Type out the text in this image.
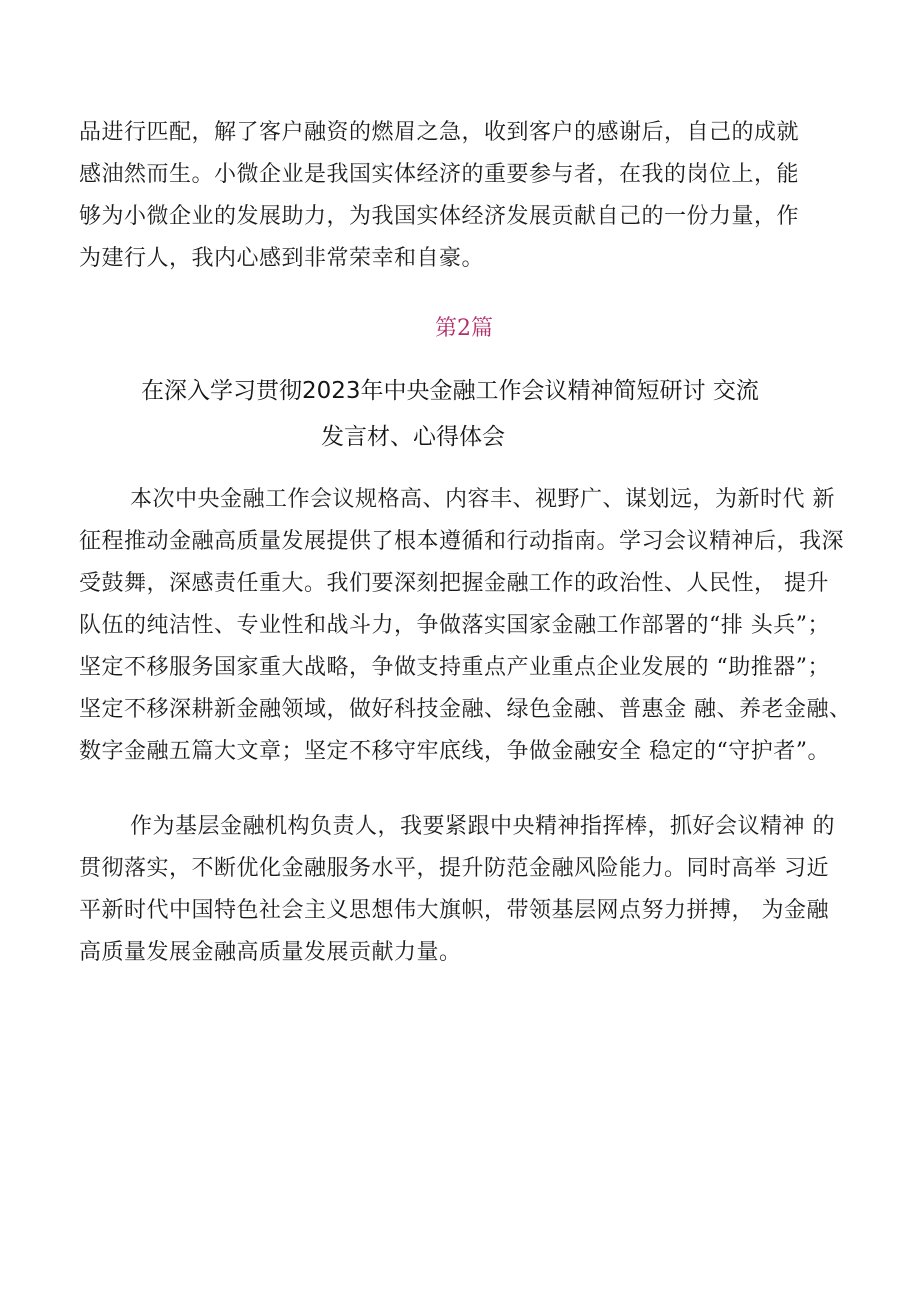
品进行匹配，解了客户融资的燃眉之急，收到客户的感谢后，自己的成就
感油然而生。小微企业是我国实体经济的重要参与者，在我的岗位上，能
够为小微企业的发展助力，为我国实体经济发展贡献自己的一份力量，作
为建行人，我内心感到非常荣幸和自豪。
第2篇
在深入学习贯彻2023年中央金融工作会议精神简短研讨 交流
发言材、心得体会
本次中央金融工作会议规格高、内容丰、视野广、谋划远，为新时代 新
征程推动金融高质量发展提供了根本遵循和行动指南。学习会议精神后，我深
受鼓舞，深感责任重大。我们要深刻把握金融工作的政治性、人民性， 提升
队伍的纯洁性、专业性和战斗力，争做落实国家金融工作部署的“排 头兵”；
坚定不移服务国家重大战略，争做支持重点产业重点企业发展的 “助推器”；
坚定不移深耕新金融领域，做好科技金融、绿色金融、普惠金 融、养老金融、
数字金融五篇大文章；坚定不移守牢底线，争做金融安全 稳定的“守护者”。
作为基层金融机构负责人，我要紧跟中央精神指挥棒，抓好会议精神 的
贯彻落实，不断优化金融服务水平，提升防范金融风险能力。同时高举 习近
平新时代中国特色社会主义思想伟大旗帜，带领基层网点努力拼搏， 为金融
高质量发展金融高质量发展贡献力量。
